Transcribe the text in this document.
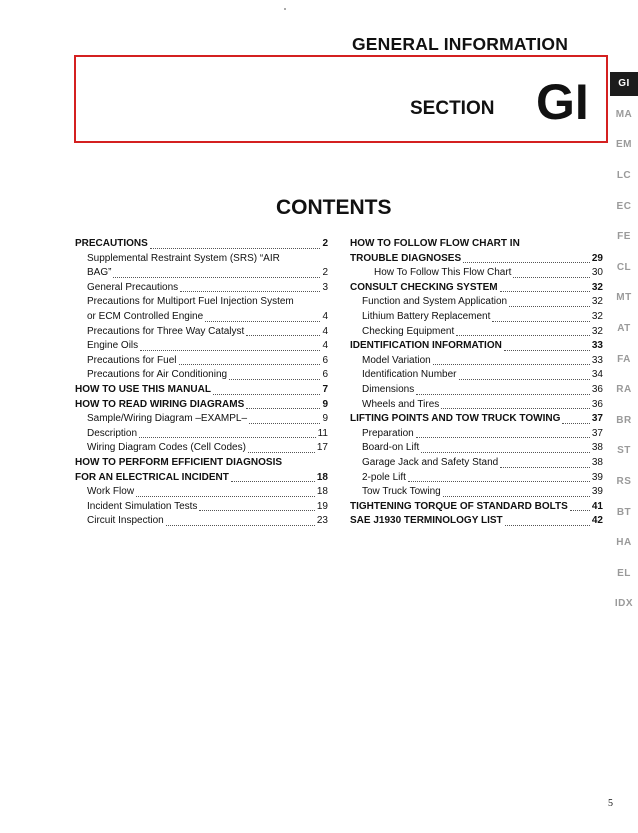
GENERAL INFORMATION
SECTION GI
CONTENTS
PRECAUTIONS	2
Supplemental Restraint System (SRS) “AIR
BAG”	2
General Precautions	3
Precautions for Multiport Fuel Injection System
or ECM Controlled Engine	4
Precautions for Three Way Catalyst	4
Engine Oils	4
Precautions for Fuel	6
Precautions for Air Conditioning	6
HOW TO USE THIS MANUAL	7
HOW TO READ WIRING DIAGRAMS	9
Sample/Wiring Diagram –EXAMPL–	9
Description	11
Wiring Diagram Codes (Cell Codes)	17
HOW TO PERFORM EFFICIENT DIAGNOSIS
FOR AN ELECTRICAL INCIDENT	18
Work Flow	18
Incident Simulation Tests	19
Circuit Inspection	23
HOW TO FOLLOW FLOW CHART IN
TROUBLE DIAGNOSES	29
How To Follow This Flow Chart	30
CONSULT CHECKING SYSTEM	32
Function and System Application	32
Lithium Battery Replacement	32
Checking Equipment	32
IDENTIFICATION INFORMATION	33
Model Variation	33
Identification Number	34
Dimensions	36
Wheels and Tires	36
LIFTING POINTS AND TOW TRUCK TOWING	37
Preparation	37
Board-on Lift	38
Garage Jack and Safety Stand	38
2-pole Lift	39
Tow Truck Towing	39
TIGHTENING TORQUE OF STANDARD BOLTS 41
SAE J1930 TERMINOLOGY LIST	42
GI
MA
EM
LC
EC
FE
CL
MT
AT
FA
RA
BR
ST
RS
BT
HA
EL
IDX
5
